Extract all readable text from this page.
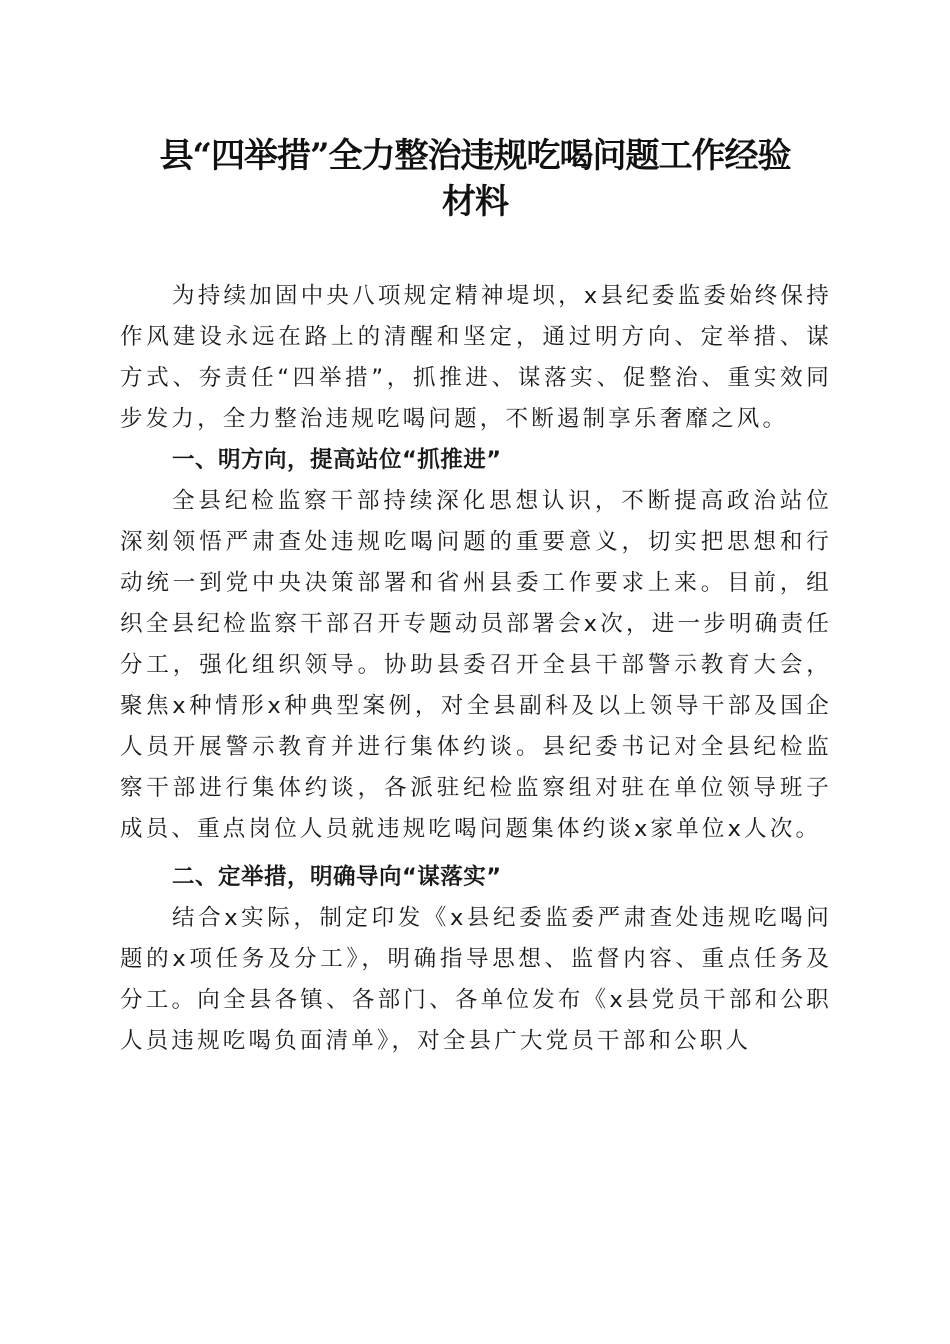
县“四举措”全力整治违规吃喝问题工作经验
材料

为持续加固中央八项规定精神堤坝，x县纪委监委始终保持作风建设永远在路上的清醒和坚定，通过明方向、定举措、谋方式、夯责任“四举措”，抓推进、谋落实、促整治、重实效同步发力，全力整治违规吃喝问题，不断遏制享乐奢靡之风。

一、明方向，提高站位“抓推进”

全县纪检监察干部持续深化思想认识，不断提高政治站位深刻领悟严肃查处违规吃喝问题的重要意义，切实把思想和行动统一到党中央决策部署和省州县委工作要求上来。目前，组织全县纪检监察干部召开专题动员部署会x次，进一步明确责任分工，强化组织领导。协助县委召开全县干部警示教育大会，聚焦x种情形x种典型案例，对全县副科及以上领导干部及国企人员开展警示教育并进行集体约谈。县纪委书记对全县纪检监察干部进行集体约谈，各派驻纪检监察组对驻在单位领导班子成员、重点岗位人员就违规吃喝问题集体约谈x家单位x人次。

二、定举措，明确导向“谋落实”

结合x实际，制定印发《x县纪委监委严肃查处违规吃喝问题的x项任务及分工》，明确指导思想、监督内容、重点任务及分工。向全县各镇、各部门、各单位发布《x县党员干部和公职人员违规吃喝负面清单》，对全县广大党员干部和公职人
